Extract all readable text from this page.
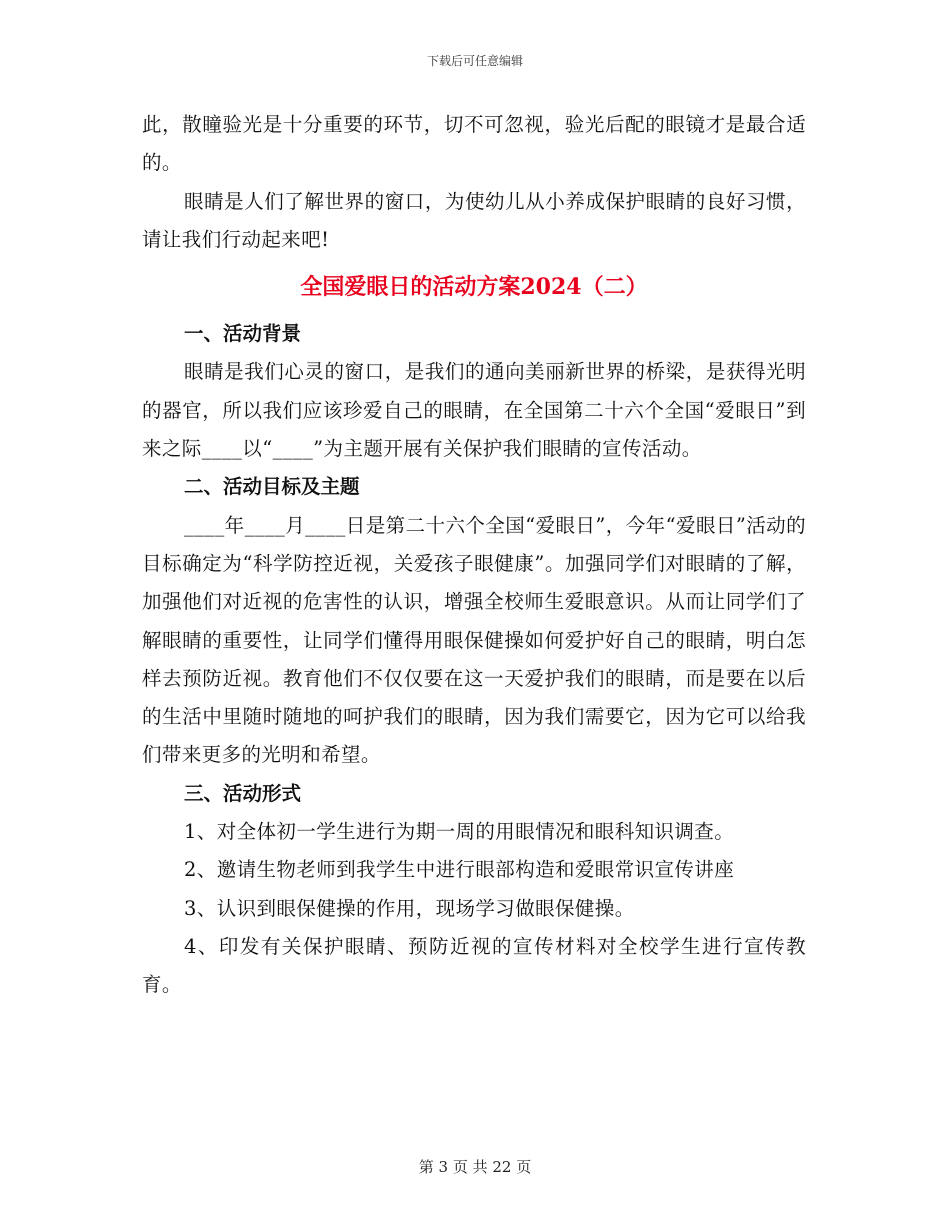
下载后可任意编辑

此，散瞳验光是十分重要的环节，切不可忽视，验光后配的眼镜才是最合适的。

眼睛是人们了解世界的窗口，为使幼儿从小养成保护眼睛的良好习惯，请让我们行动起来吧!

全国爱眼日的活动方案2024（二）

一、活动背景

眼睛是我们心灵的窗口，是我们的通向美丽新世界的桥梁，是获得光明的器官，所以我们应该珍爱自己的眼睛，在全国第二十六个全国“爱眼日”到来之际____以“____”为主题开展有关保护我们眼睛的宣传活动。

二、活动目标及主题

____年____月____日是第二十六个全国“爱眼日”，今年“爱眼日”活动的目标确定为“科学防控近视，关爱孩子眼健康”。加强同学们对眼睛的了解，加强他们对近视的危害性的认识，增强全校师生爱眼意识。从而让同学们了解眼睛的重要性，让同学们懂得用眼保健操如何爱护好自己的眼睛，明白怎样去预防近视。教育他们不仅仅要在这一天爱护我们的眼睛，而是要在以后的生活中里随时随地的呵护我们的眼睛，因为我们需要它，因为它可以给我们带来更多的光明和希望。

三、活动形式

1、对全体初一学生进行为期一周的用眼情况和眼科知识调查。

2、邀请生物老师到我学生中进行眼部构造和爱眼常识宣传讲座

3、认识到眼保健操的作用，现场学习做眼保健操。

4、印发有关保护眼睛、预防近视的宣传材料对全校学生进行宣传教育。

第 3 页 共 22 页
